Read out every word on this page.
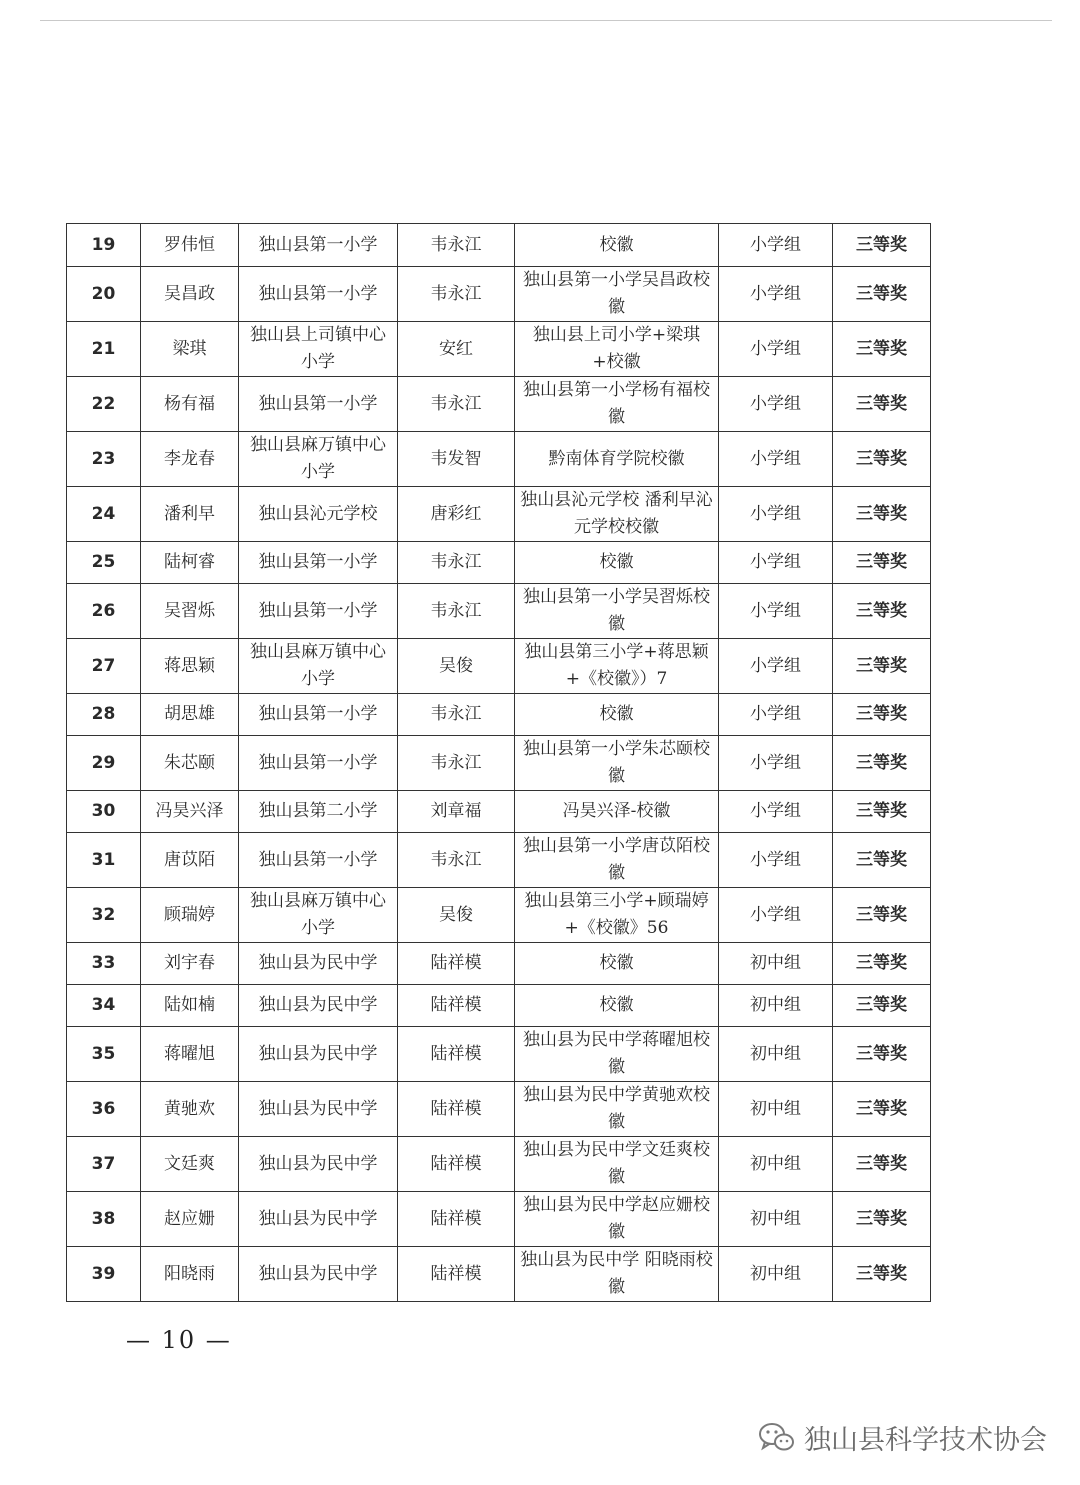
19	罗伟恒	独山县第一小学	韦永江	校徽	小学组	三等奖
20	吴昌政	独山县第一小学	韦永江	独山县第一小学吴昌政校徽	小学组	三等奖
21	梁琪	独山县上司镇中心小学	安红	独山县上司小学+梁琪+校徽	小学组	三等奖
22	杨有福	独山县第一小学	韦永江	独山县第一小学杨有福校徽	小学组	三等奖
23	李龙春	独山县麻万镇中心小学	韦发智	黔南体育学院校徽	小学组	三等奖
24	潘利早	独山县沁元学校	唐彩红	独山县沁元学校 潘利早沁元学校校徽	小学组	三等奖
25	陆柯睿	独山县第一小学	韦永江	校徽	小学组	三等奖
26	吴習烁	独山县第一小学	韦永江	独山县第一小学吴習烁校徽	小学组	三等奖
27	蒋思颖	独山县麻万镇中心小学	吴俊	独山县第三小学+蒋思颖+《校徽》）7	小学组	三等奖
28	胡思雄	独山县第一小学	韦永江	校徽	小学组	三等奖
29	朱芯颐	独山县第一小学	韦永江	独山县第一小学朱芯颐校徽	小学组	三等奖
30	冯昊兴泽	独山县第二小学	刘章福	冯昊兴泽-校徽	小学组	三等奖
31	唐苡陌	独山县第一小学	韦永江	独山县第一小学唐苡陌校徽	小学组	三等奖
32	顾瑞婷	独山县麻万镇中心小学	吴俊	独山县第三小学+顾瑞婷+《校徽》56	小学组	三等奖
33	刘宇春	独山县为民中学	陆祥模	校徽	初中组	三等奖
34	陆如楠	独山县为民中学	陆祥模	校徽	初中组	三等奖
35	蒋曜旭	独山县为民中学	陆祥模	独山县为民中学蒋曜旭校徽	初中组	三等奖
36	黄驰欢	独山县为民中学	陆祥模	独山县为民中学黄驰欢校徽	初中组	三等奖
37	文廷爽	独山县为民中学	陆祥模	独山县为民中学文廷爽校徽	初中组	三等奖
38	赵应姗	独山县为民中学	陆祥模	独山县为民中学赵应姗校徽	初中组	三等奖
39	阳晓雨	独山县为民中学	陆祥模	独山县为民中学 阳晓雨校徽	初中组	三等奖
— 10 —
独山县科学技术协会
